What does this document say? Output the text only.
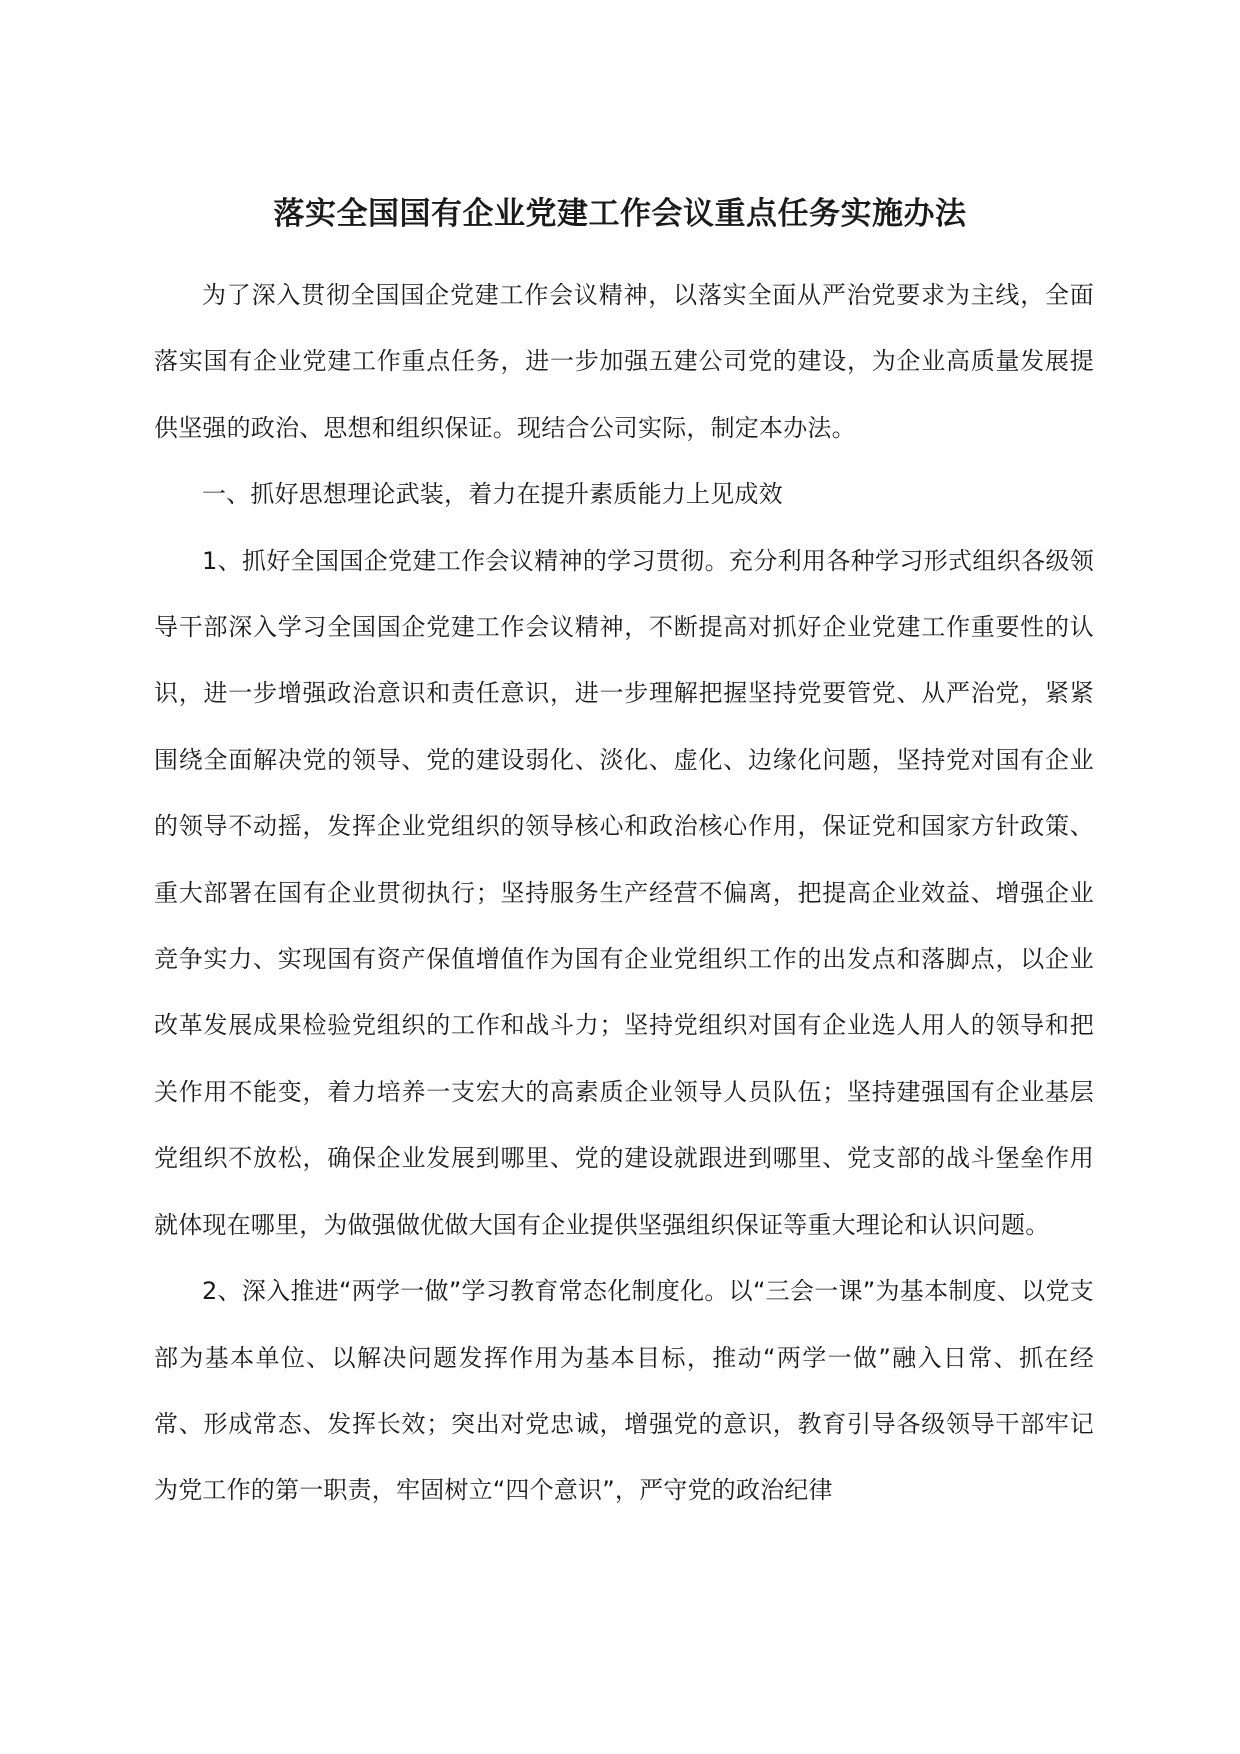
落实全国国有企业党建工作会议重点任务实施办法

为了深入贯彻全国国企党建工作会议精神，以落实全面从严治党要求为主线，全面落实国有企业党建工作重点任务，进一步加强五建公司党的建设，为企业高质量发展提供坚强的政治、思想和组织保证。现结合公司实际，制定本办法。

一、抓好思想理论武装，着力在提升素质能力上见成效

1、抓好全国国企党建工作会议精神的学习贯彻。充分利用各种学习形式组织各级领导干部深入学习全国国企党建工作会议精神，不断提高对抓好企业党建工作重要性的认识，进一步增强政治意识和责任意识，进一步理解把握坚持党要管党、从严治党，紧紧围绕全面解决党的领导、党的建设弱化、淡化、虚化、边缘化问题，坚持党对国有企业的领导不动摇，发挥企业党组织的领导核心和政治核心作用，保证党和国家方针政策、重大部署在国有企业贯彻执行；坚持服务生产经营不偏离，把提高企业效益、增强企业竞争实力、实现国有资产保值增值作为国有企业党组织工作的出发点和落脚点，以企业改革发展成果检验党组织的工作和战斗力；坚持党组织对国有企业选人用人的领导和把关作用不能变，着力培养一支宏大的高素质企业领导人员队伍；坚持建强国有企业基层党组织不放松，确保企业发展到哪里、党的建设就跟进到哪里、党支部的战斗堡垒作用就体现在哪里，为做强做优做大国有企业提供坚强组织保证等重大理论和认识问题。

2、深入推进“两学一做”学习教育常态化制度化。以“三会一课”为基本制度、以党支部为基本单位、以解决问题发挥作用为基本目标，推动“两学一做”融入日常、抓在经常、形成常态、发挥长效；突出对党忠诚，增强党的意识，教育引导各级领导干部牢记为党工作的第一职责，牢固树立“四个意识”，严守党的政治纪律
